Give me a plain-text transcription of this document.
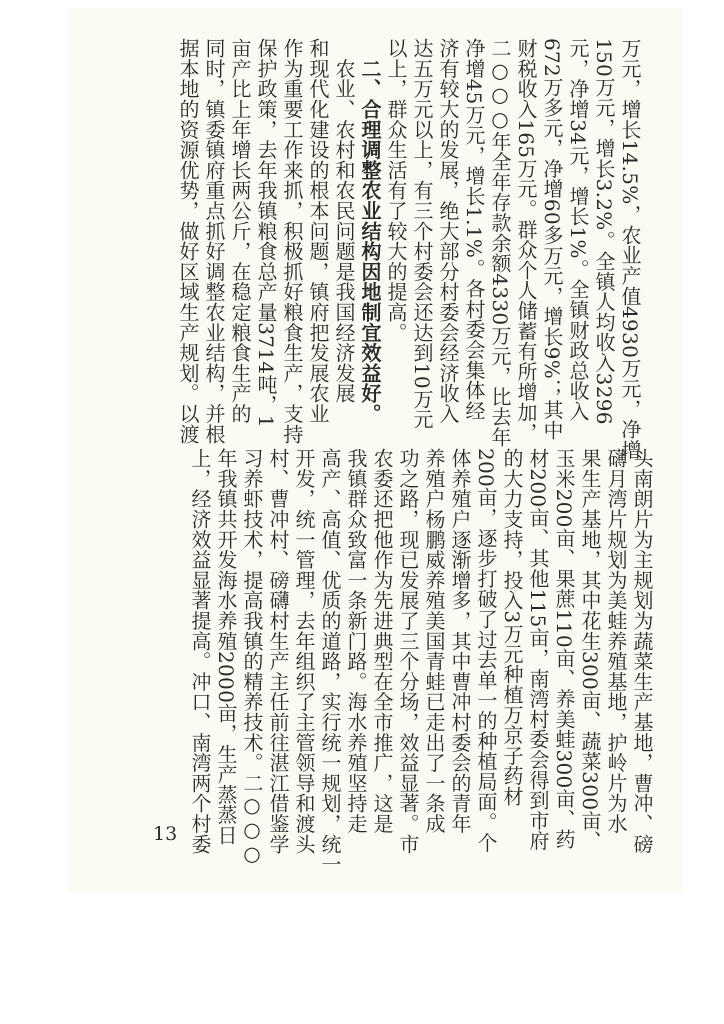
万元，增长14.5%，农业产值4930万元，净增
150万元，增长3.2%。全镇人均收入3296
元，净增34元，增长1%。全镇财政总收入
672万多元，净增60多万元，增长9%；其中
财税收入165万元。群众个人储蓄有所增加，
二○○○年全年存款余额4330万元，比去年
净增45万元，增长1.1%。各村委会集体经
济有较大的发展，绝大部分村委会经济收入
达五万元以上，有三个村委会还达到10万元
以上，群众生活有了较大的提高。
　二、合理调整农业结构因地制宜效益好。
　农业、农村和农民问题是我国经济发展
和现代化建设的根本问题，镇府把发展农业
作为重要工作来抓，积极抓好粮食生产，支持
保护政策，去年我镇粮食总产量3714吨，1
亩产比上年增长两公斤，在稳定粮食生产的
同时，镇委镇府重点抓好调整农业结构，并根
据本地的资源优势，做好区域生产规划。以渡
头南朗片为主规划为蔬菜生产基地，曹冲、磅
礴月湾片规划为美蛙养殖基地，护岭片为水
果生产基地，其中花生300亩、蔬菜300亩、
玉米200亩、果蔗110亩、养美蛙300亩、药
材200亩、其他115亩，南湾村委会得到市府
的大力支持，投入3万元种植万京子药材
200亩，逐步打破了过去单一的种植局面。个
体养殖户逐渐增多，其中曹冲村委会的青年
养殖户杨鹏威养殖美国青蛙已走出了一条成
功之路，现已发展了三个分场，效益显著。市
农委还把他作为先进典型在全市推广，这是
我镇群众致富一条新门路。海水养殖坚持走
高产、高值、优质的道路，实行统一规划，统一
开发，统一管理，去年组织了主管领导和渡头
村、曹冲村、磅礴村生产主任前往湛江借鉴学
习养虾技术，提高我镇的精养技术。二○○○
年我镇共开发海水养殖2000亩，生产蒸蒸日
上，经济效益显著提高。冲口、南湾两个村委
13
